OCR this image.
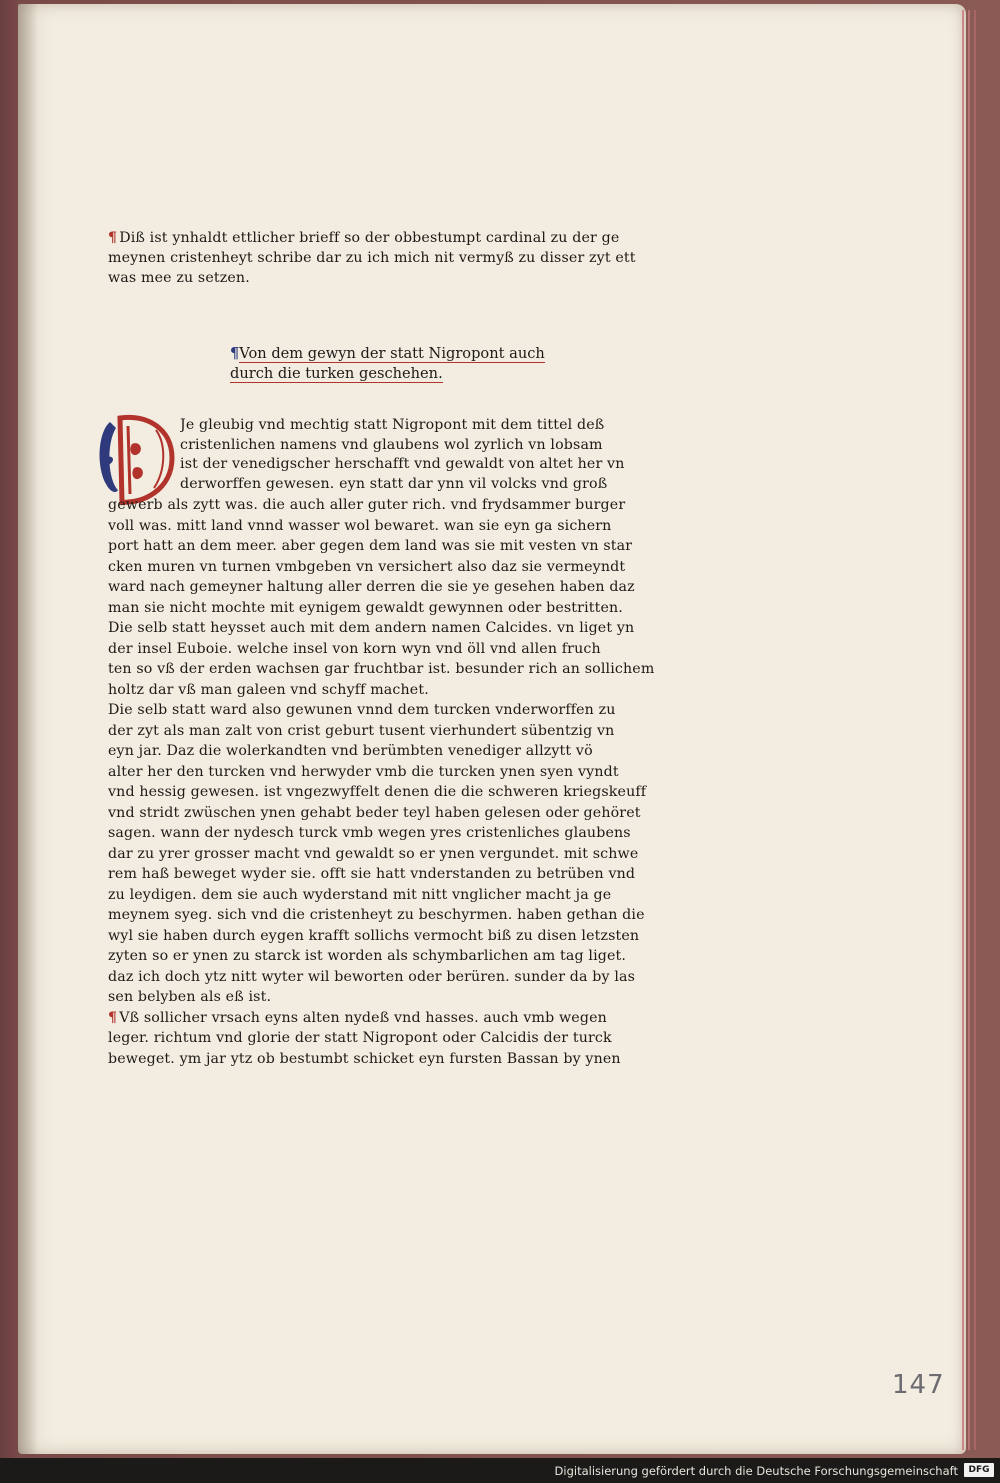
¶ Diß ist ynhaldt ettlicher brieff so der obbestumpt cardinal zu der ge
meynen cristenheyt schribe dar zu ich mich nit vermyß zu disser zyt ett
was mee zu setzen.
¶Von dem gewyn der statt Nigropont auch
durch die turken geschehen.
Je gleubig vnd mechtig statt Nigropont mit dem tittel deß
cristenlichen namens vnd glaubens wol zyrlich vn lobsam
ist der venedigscher herschafft vnd gewaldt von altet her vn
derworffen gewesen. eyn statt dar ynn vil volcks vnd groß
gewerb als zytt was. die auch aller guter rich. vnd frydsammer burger
voll was. mitt land vnnd wasser wol bewaret. wan sie eyn ga sichern
port hatt an dem meer. aber gegen dem land was sie mit vesten vn star
cken muren vn turnen vmbgeben vn versichert also daz sie vermeyndt
ward nach gemeyner haltung aller derren die sie ye gesehen haben daz
man sie nicht mochte mit eynigem gewaldt gewynnen oder bestritten.
Die selb statt heysset auch mit dem andern namen Calcides. vn liget yn
der insel Euboie. welche insel von korn wyn vnd öll vnd allen fruch
ten so vß der erden wachsen gar fruchtbar ist. besunder rich an sollichem
holtz dar vß man galeen vnd schyff machet.
Die selb statt ward also gewunen vnnd dem turcken vnderworffen zu
der zyt als man zalt von crist geburt tusent vierhundert sübentzig vn
eyn jar. Daz die wolerkandten vnd berümbten venediger allzytt vö
alter her den turcken vnd herwyder vmb die turcken ynen syen vyndt
vnd hessig gewesen. ist vngezwyffelt denen die die schweren kriegskeuff
vnd stridt zwüschen ynen gehabt beder teyl haben gelesen oder gehöret
sagen. wann der nydesch turck vmb wegen yres cristenliches glaubens
dar zu yrer grosser macht vnd gewaldt so er ynen vergundet. mit schwe
rem haß beweget wyder sie. offt sie hatt vnderstanden zu betrüben vnd
zu leydigen. dem sie auch wyderstand mit nitt vnglicher macht ja ge
meynem syeg. sich vnd die cristenheyt zu beschyrmen. haben gethan die
wyl sie haben durch eygen krafft sollichs vermocht biß zu disen letzsten
zyten so er ynen zu starck ist worden als schymbarlichen am tag liget.
daz ich doch ytz nitt wyter wil beworten oder berüren. sunder da by las
sen belyben als eß ist.
¶ Vß sollicher vrsach eyns alten nydeß vnd hasses. auch vmb wegen
leger. richtum vnd glorie der statt Nigropont oder Calcidis der turck
beweget. ym jar ytz ob bestumbt schicket eyn fursten Bassan by ynen
147
Digitalisierung gefördert durch die Deutsche Forschungsgemeinschaft	DFG
